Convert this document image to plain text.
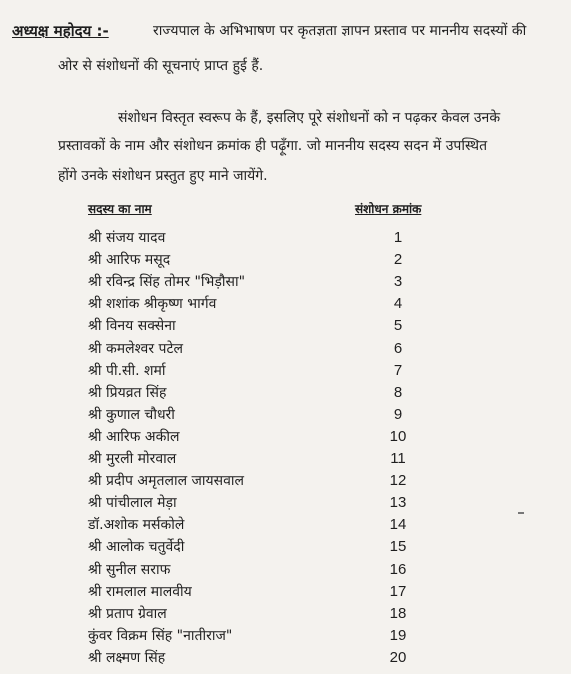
अध्यक्ष महोदय :-	राज्यपाल के अभिभाषण पर कृतज्ञता ज्ञापन प्रस्ताव पर माननीय सदस्यों की
ओर से संशोधनों की सूचनाएं प्राप्त हुई हैं.
संशोधन विस्तृत स्वरूप के हैं, इसलिए पूरे संशोधनों को न पढ़कर केवल उनके
प्रस्तावकों के नाम और संशोधन क्रमांक ही पढ़ूँगा. जो माननीय सदस्य सदन में उपस्थित
होंगे उनके संशोधन प्रस्तुत हुए माने जायेंगे.
सदस्य का नाम	संशोधन क्रमांक
श्री संजय यादव	1
श्री आरिफ मसूद	2
श्री रविन्द्र सिंह तोमर "भिड़ौसा"	3
श्री शशांक श्रीकृष्ण भार्गव	4
श्री विनय सक्सेना	5
श्री कमलेश्वर पटेल	6
श्री पी.सी. शर्मा	7
श्री प्रियव्रत सिंह	8
श्री कुणाल चौधरी	9
श्री आरिफ अकील	10
श्री मुरली मोरवाल	11
श्री प्रदीप अमृतलाल जायसवाल	12
श्री पांचीलाल मेड़ा	13
डॉ.अशोक मर्सकोले	14
श्री आलोक चतुर्वेदी	15
श्री सुनील सराफ	16
श्री रामलाल मालवीय	17
श्री प्रताप ग्रेवाल	18
कुंवर विक्रम सिंह "नातीराज"	19
श्री लक्ष्मण सिंह	20
